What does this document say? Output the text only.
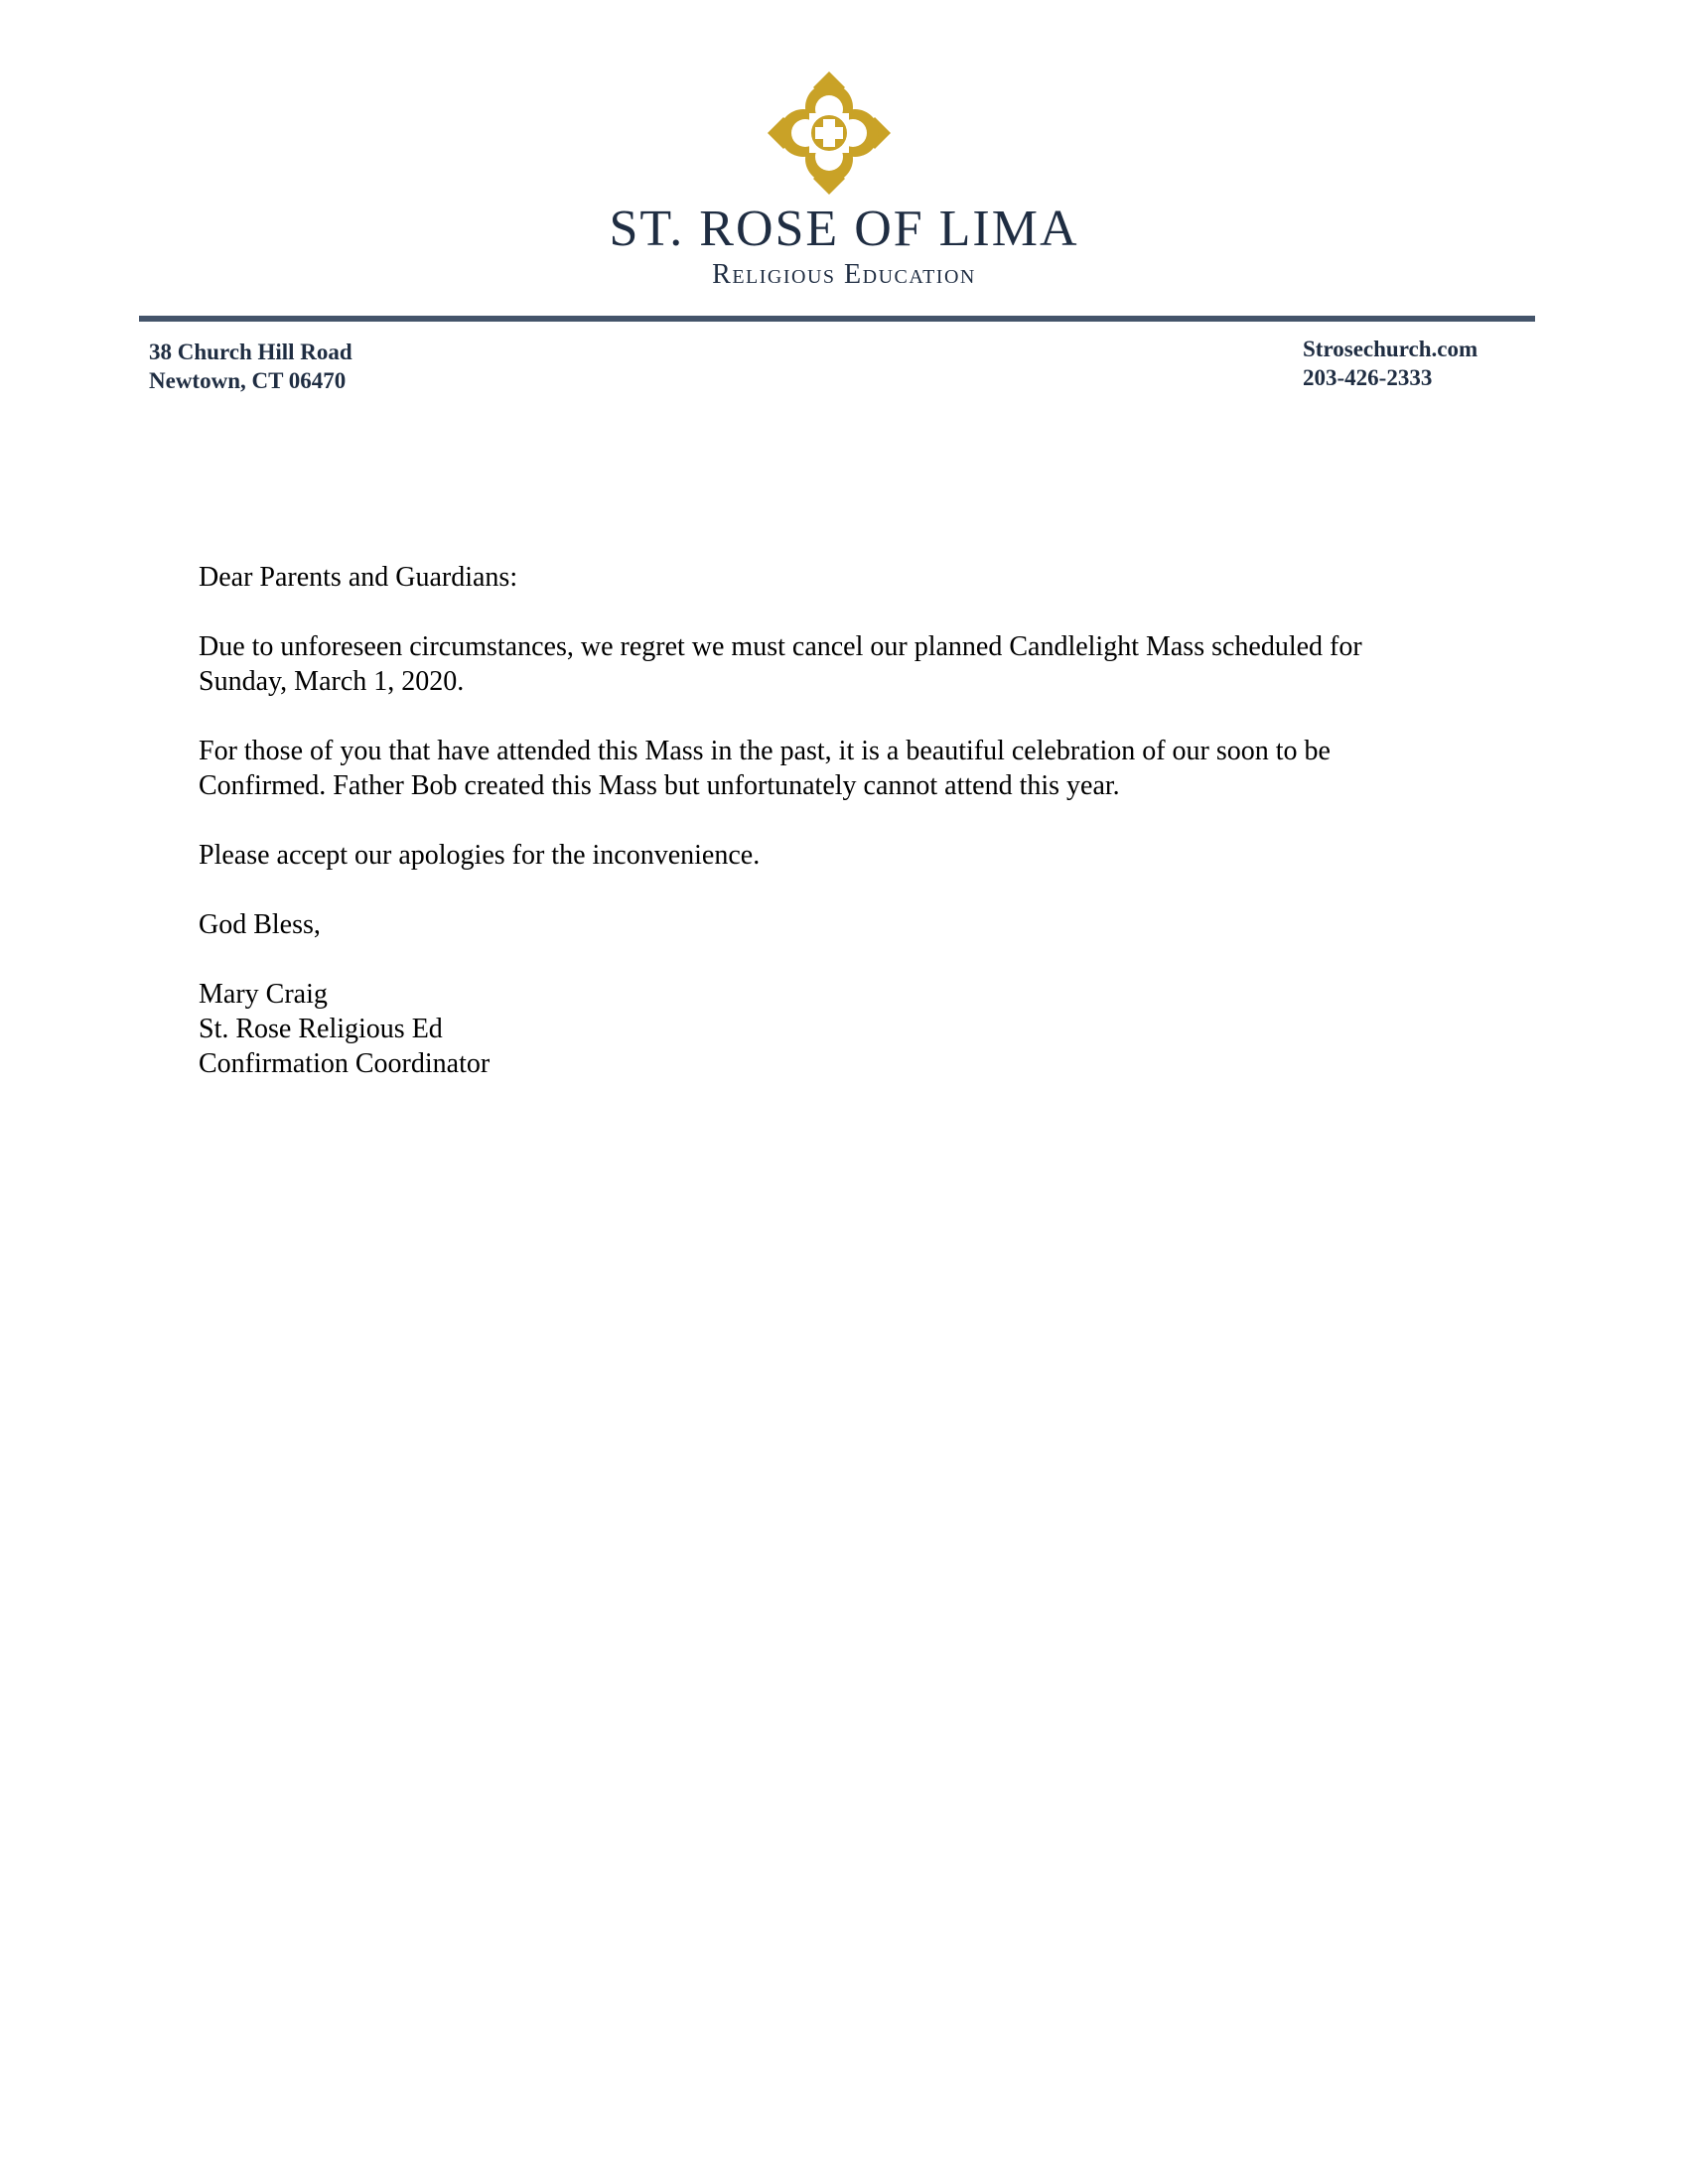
ST. ROSE OF LIMA
Religious Education
38 Church Hill Road
Newtown, CT 06470
Strosechurch.com
203-426-2333

Dear Parents and Guardians:

Due to unforeseen circumstances, we regret we must cancel our planned Candlelight Mass scheduled for
Sunday, March 1, 2020.

For those of you that have attended this Mass in the past, it is a beautiful celebration of our soon to be
Confirmed. Father Bob created this Mass but unfortunately cannot attend this year.

Please accept our apologies for the inconvenience.

God Bless,

Mary Craig
St. Rose Religious Ed
Confirmation Coordinator
